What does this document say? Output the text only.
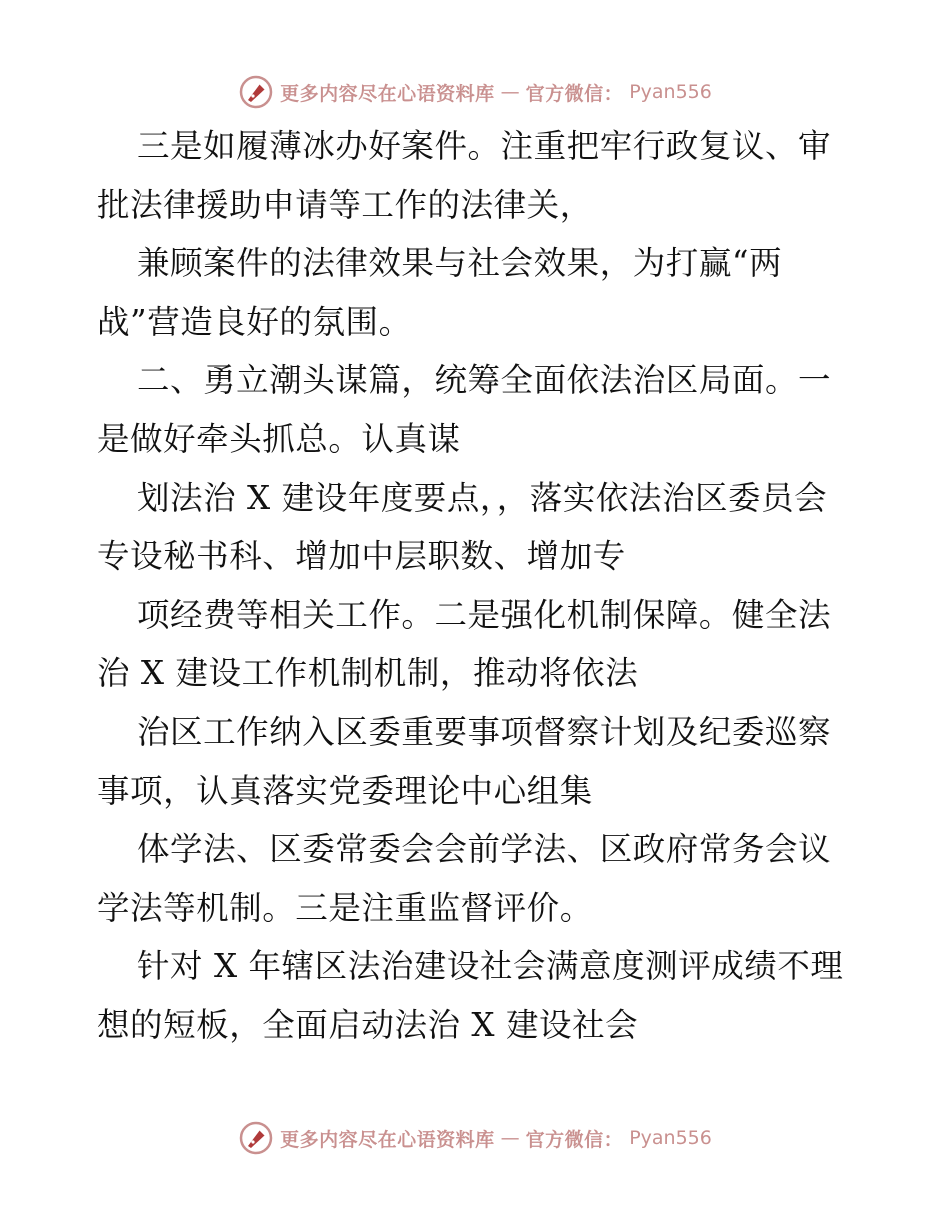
更多内容尽在心语资料库 — 官方微信： Pyan556
三是如履薄冰办好案件。注重把牢行政复议、审
批法律援助申请等工作的法律关，
兼顾案件的法律效果与社会效果，为打赢“两
战”营造良好的氛围。
二、勇立潮头谋篇，统筹全面依法治区局面。一
是做好牵头抓总。认真谋
划法治 X 建设年度要点，，落实依法治区委员会
专设秘书科、增加中层职数、增加专
项经费等相关工作。二是强化机制保障。健全法
治 X 建设工作机制机制，推动将依法
治区工作纳入区委重要事项督察计划及纪委巡察
事项，认真落实党委理论中心组集
体学法、区委常委会会前学法、区政府常务会议
学法等机制。三是注重监督评价。
针对 X 年辖区法治建设社会满意度测评成绩不理
想的短板，全面启动法治 X 建设社会
更多内容尽在心语资料库 — 官方微信： Pyan556
